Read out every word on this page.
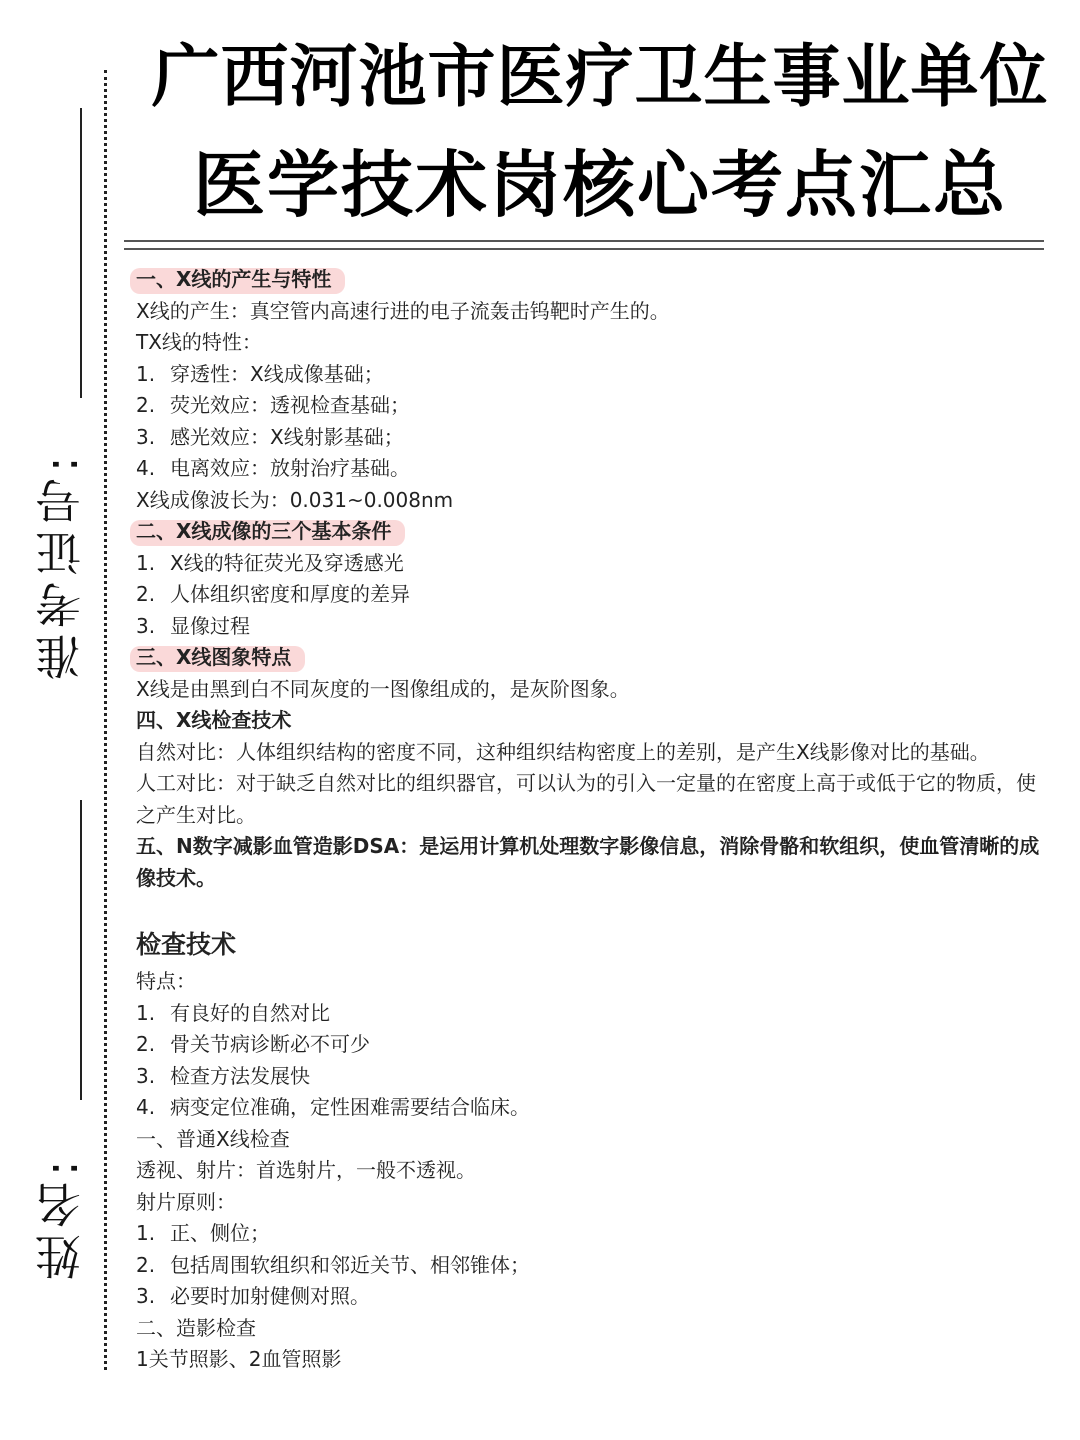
广西河池市医疗卫生事业单位
医学技术岗核心考点汇总
准考证号:
姓名:
一、X线的产生与特性
X线的产生：真空管内高速行进的电子流轰击钨靶时产生的。
TX线的特性：
1. 穿透性：X线成像基础；
2. 荧光效应：透视检查基础；
3. 感光效应：X线射影基础；
4. 电离效应：放射治疗基础。
X线成像波长为：0.031~0.008nm
二、X线成像的三个基本条件
1. X线的特征荧光及穿透感光
2. 人体组织密度和厚度的差异
3. 显像过程
三、X线图象特点
X线是由黑到白不同灰度的一图像组成的，是灰阶图象。
四、X线检查技术
自然对比：人体组织结构的密度不同，这种组织结构密度上的差别，是产生X线影像对比的基础。
人工对比：对于缺乏自然对比的组织器官，可以认为的引入一定量的在密度上高于或低于它的物质，使之产生对比。
五、N数字减影血管造影DSA：是运用计算机处理数字影像信息，消除骨骼和软组织，使血管清晰的成像技术。
检查技术
特点：
1. 有良好的自然对比
2. 骨关节病诊断必不可少
3. 检查方法发展快
4. 病变定位准确，定性困难需要结合临床。
一、普通X线检查
透视、射片：首选射片，一般不透视。
射片原则：
1. 正、侧位；
2. 包括周围软组织和邻近关节、相邻锥体；
3. 必要时加射健侧对照。
二、造影检查
1关节照影、2血管照影
